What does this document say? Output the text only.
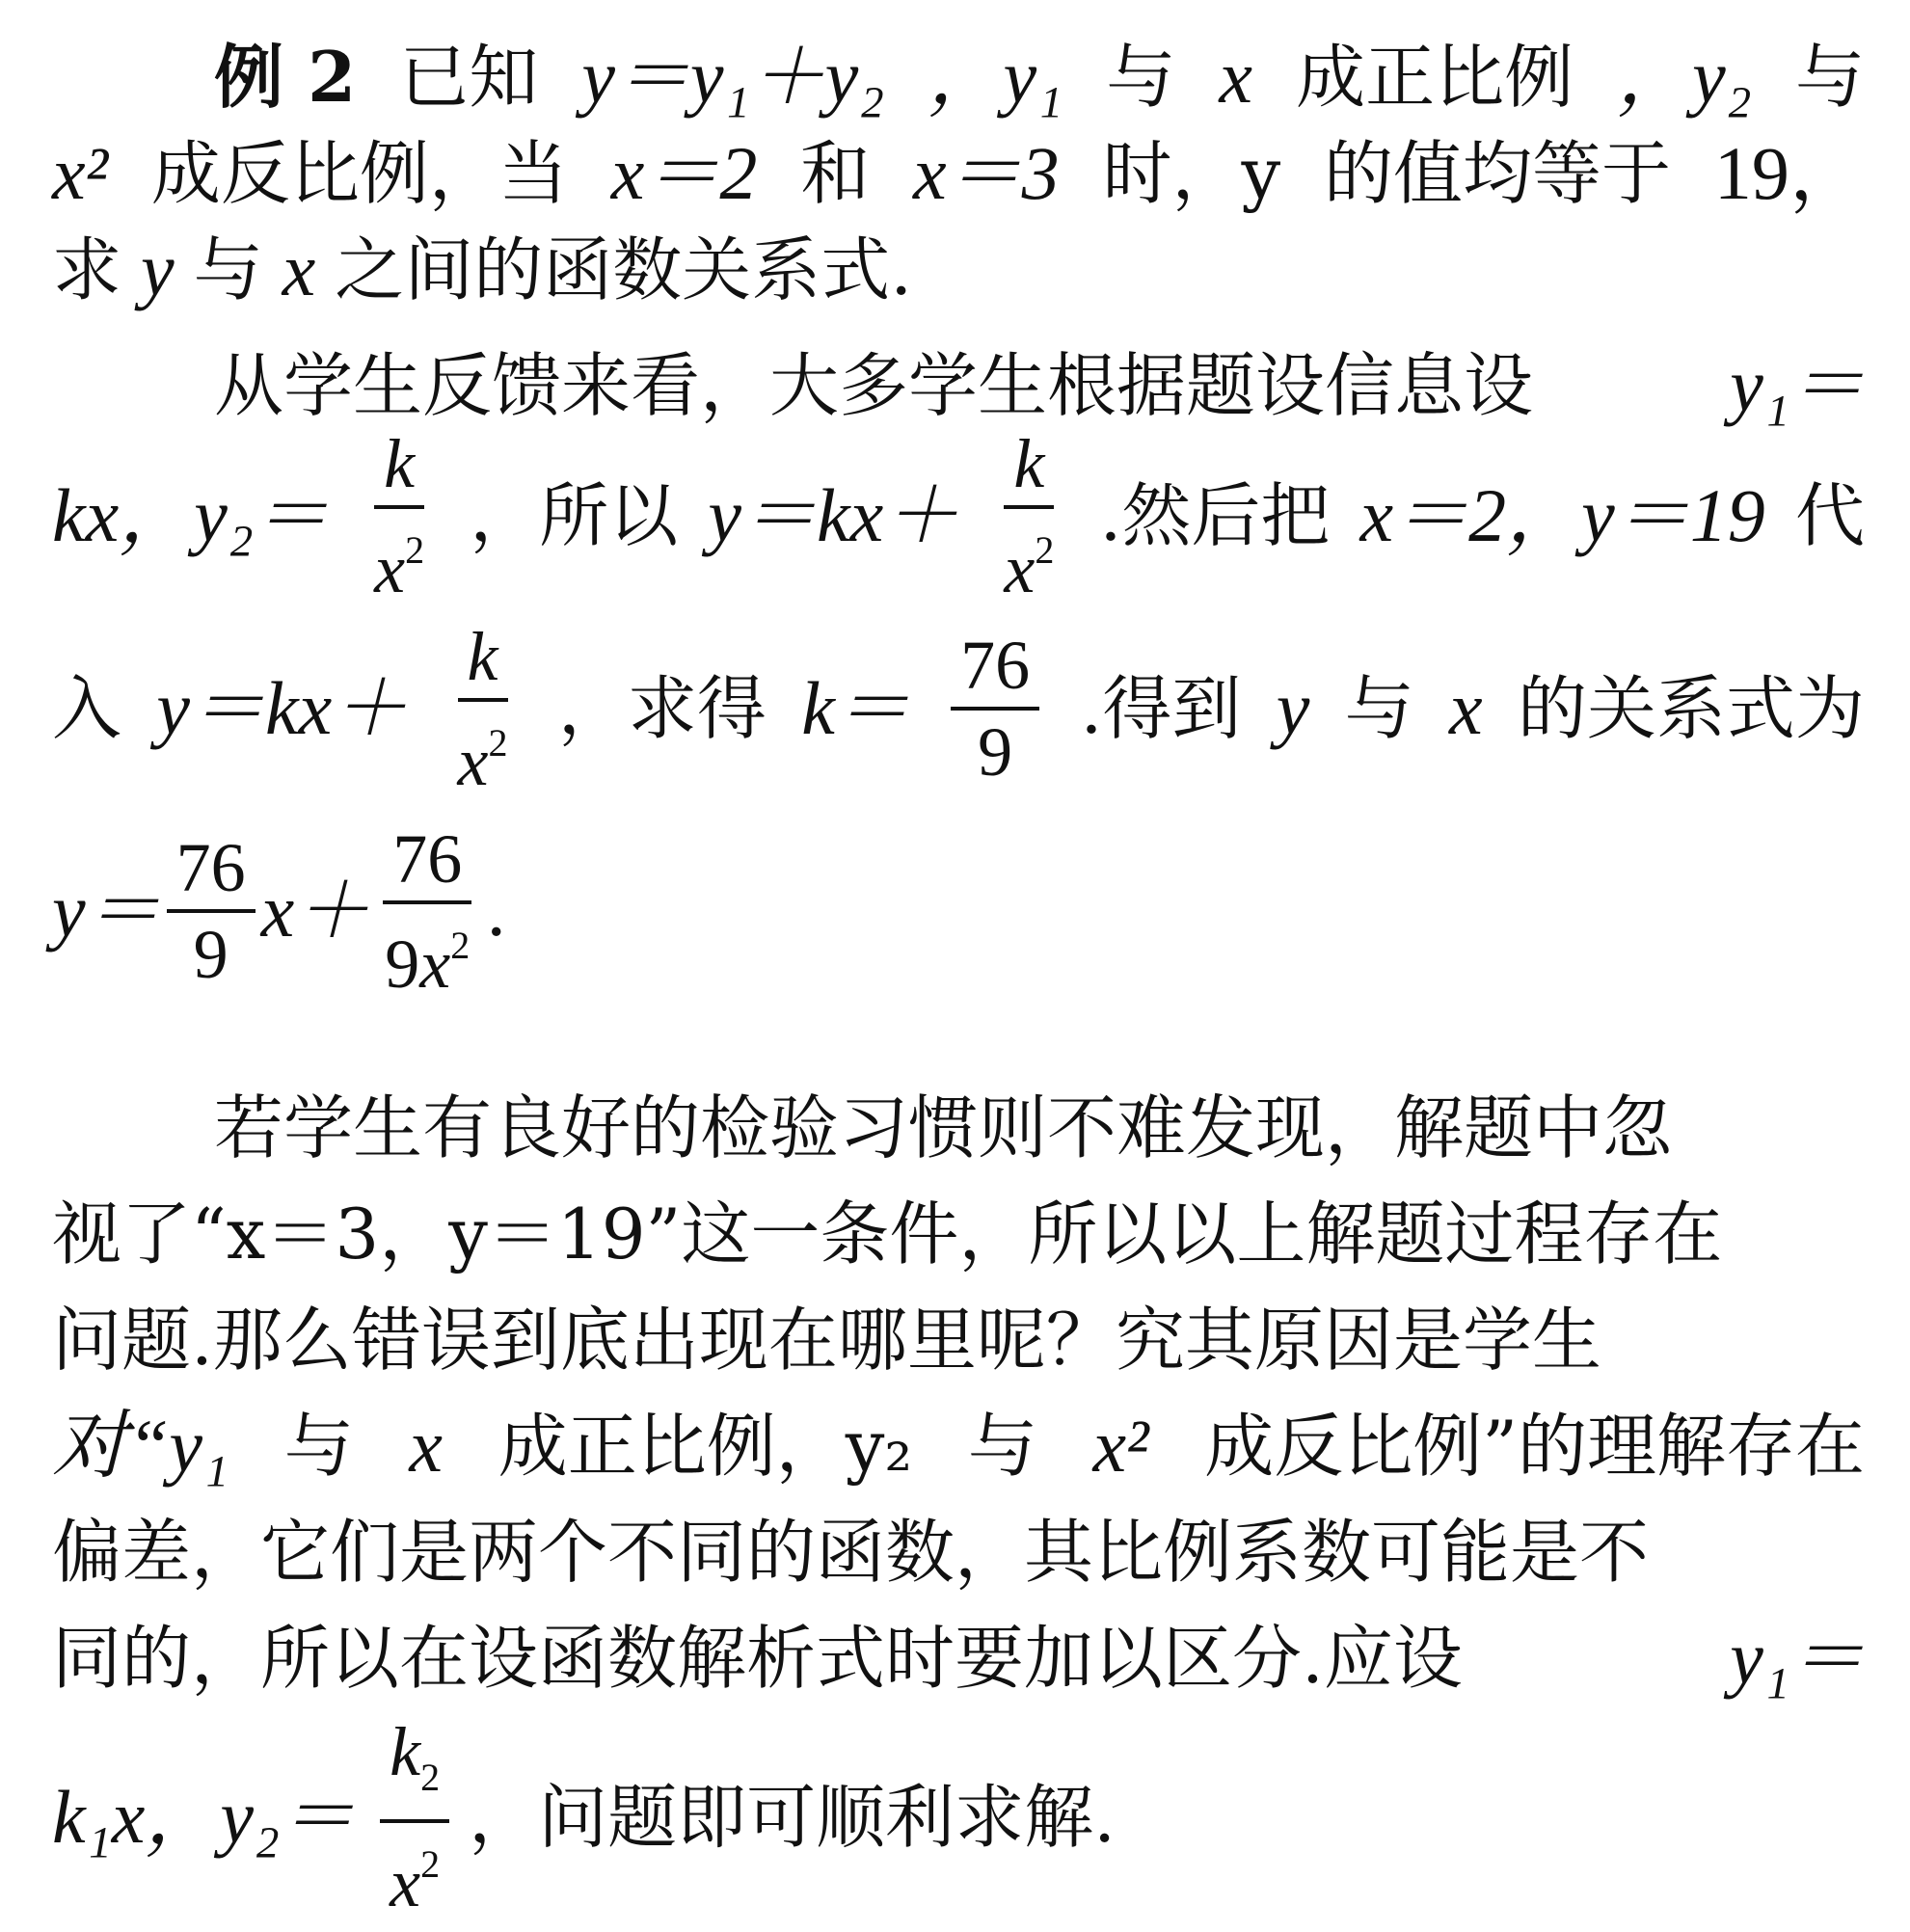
例 2 已知 y＝y₁＋y₂ ，y₁ 与 x 成正比例 ，y₂ 与
x² 成反比例，当 x＝2 和 x＝3 时，y 的值均等于 19，
求 y 与 x 之间的函数关系式.
从学生反馈来看，大多学生根据题设信息设	y₁＝
kx，$y_2= \frac{k}{x^2}$ ，所以 $y=kx+ \frac{k}{x^2}$ .然后把 x＝2，y＝19 代
入 $y=kx+ \frac{k}{x^2}$ ，求得 $k= \frac{76}{9}$ .得到 y 与 x 的关系式为
$y= \frac{76}{9} x+ \frac{76}{9x^2}$ .
若学生有良好的检验习惯则不难发现，解题中忽
视了“x＝3，y＝19”这一条件，所以以上解题过程存在
问题.那么错误到底出现在哪里呢？究其原因是学生
对“y₁ 与 x 成正比例，y₂ 与 x² 成反比例”的理解存在
偏差，它们是两个不同的函数，其比例系数可能是不
同的，所以在设函数解析式时要加以区分.应设	y₁＝
k₁x，$y_2= \frac{k_2}{x^2}$ ，问题即可顺利求解.
